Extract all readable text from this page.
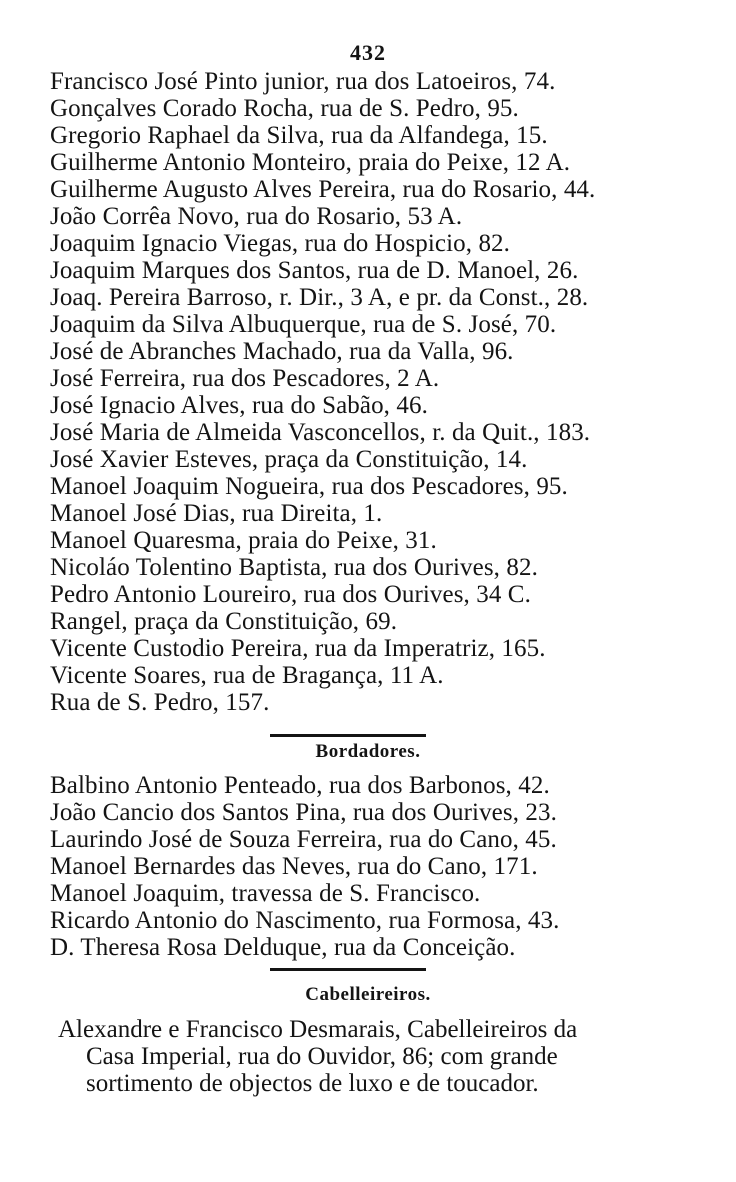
432
Francisco José Pinto junior, rua dos Latoeiros, 74.
Gonçalves Corado Rocha, rua de S. Pedro, 95.
Gregorio Raphael da Silva, rua da Alfandega, 15.
Guilherme Antonio Monteiro, praia do Peixe, 12 A.
Guilherme Augusto Alves Pereira, rua do Rosario, 44.
João Corrêa Novo, rua do Rosario, 53 A.
Joaquim Ignacio Viegas, rua do Hospicio, 82.
Joaquim Marques dos Santos, rua de D. Manoel, 26.
Joaq. Pereira Barroso, r. Dir., 3 A, e pr. da Const., 28.
Joaquim da Silva Albuquerque, rua de S. José, 70.
José de Abranches Machado, rua da Valla, 96.
José Ferreira, rua dos Pescadores, 2 A.
José Ignacio Alves, rua do Sabão, 46.
José Maria de Almeida Vasconcellos, r. da Quit., 183.
José Xavier Esteves, praça da Constituição, 14.
Manoel Joaquim Nogueira, rua dos Pescadores, 95.
Manoel José Dias, rua Direita, 1.
Manoel Quaresma, praia do Peixe, 31.
Nicoláo Tolentino Baptista, rua dos Ourives, 82.
Pedro Antonio Loureiro, rua dos Ourives, 34 C.
Rangel, praça da Constituição, 69.
Vicente Custodio Pereira, rua da Imperatriz, 165.
Vicente Soares, rua de Bragança, 11 A.
Rua de S. Pedro, 157.
Bordadores.
Balbino Antonio Penteado, rua dos Barbonos, 42.
João Cancio dos Santos Pina, rua dos Ourives, 23.
Laurindo José de Souza Ferreira, rua do Cano, 45.
Manoel Bernardes das Neves, rua do Cano, 171.
Manoel Joaquim, travessa de S. Francisco.
Ricardo Antonio do Nascimento, rua Formosa, 43.
D. Theresa Rosa Delduque, rua da Conceição.
Cabelleireiros.
Alexandre e Francisco Desmarais, Cabelleireiros da
Casa Imperial, rua do Ouvidor, 86; com grande
sortimento de objectos de luxo e de toucador.
